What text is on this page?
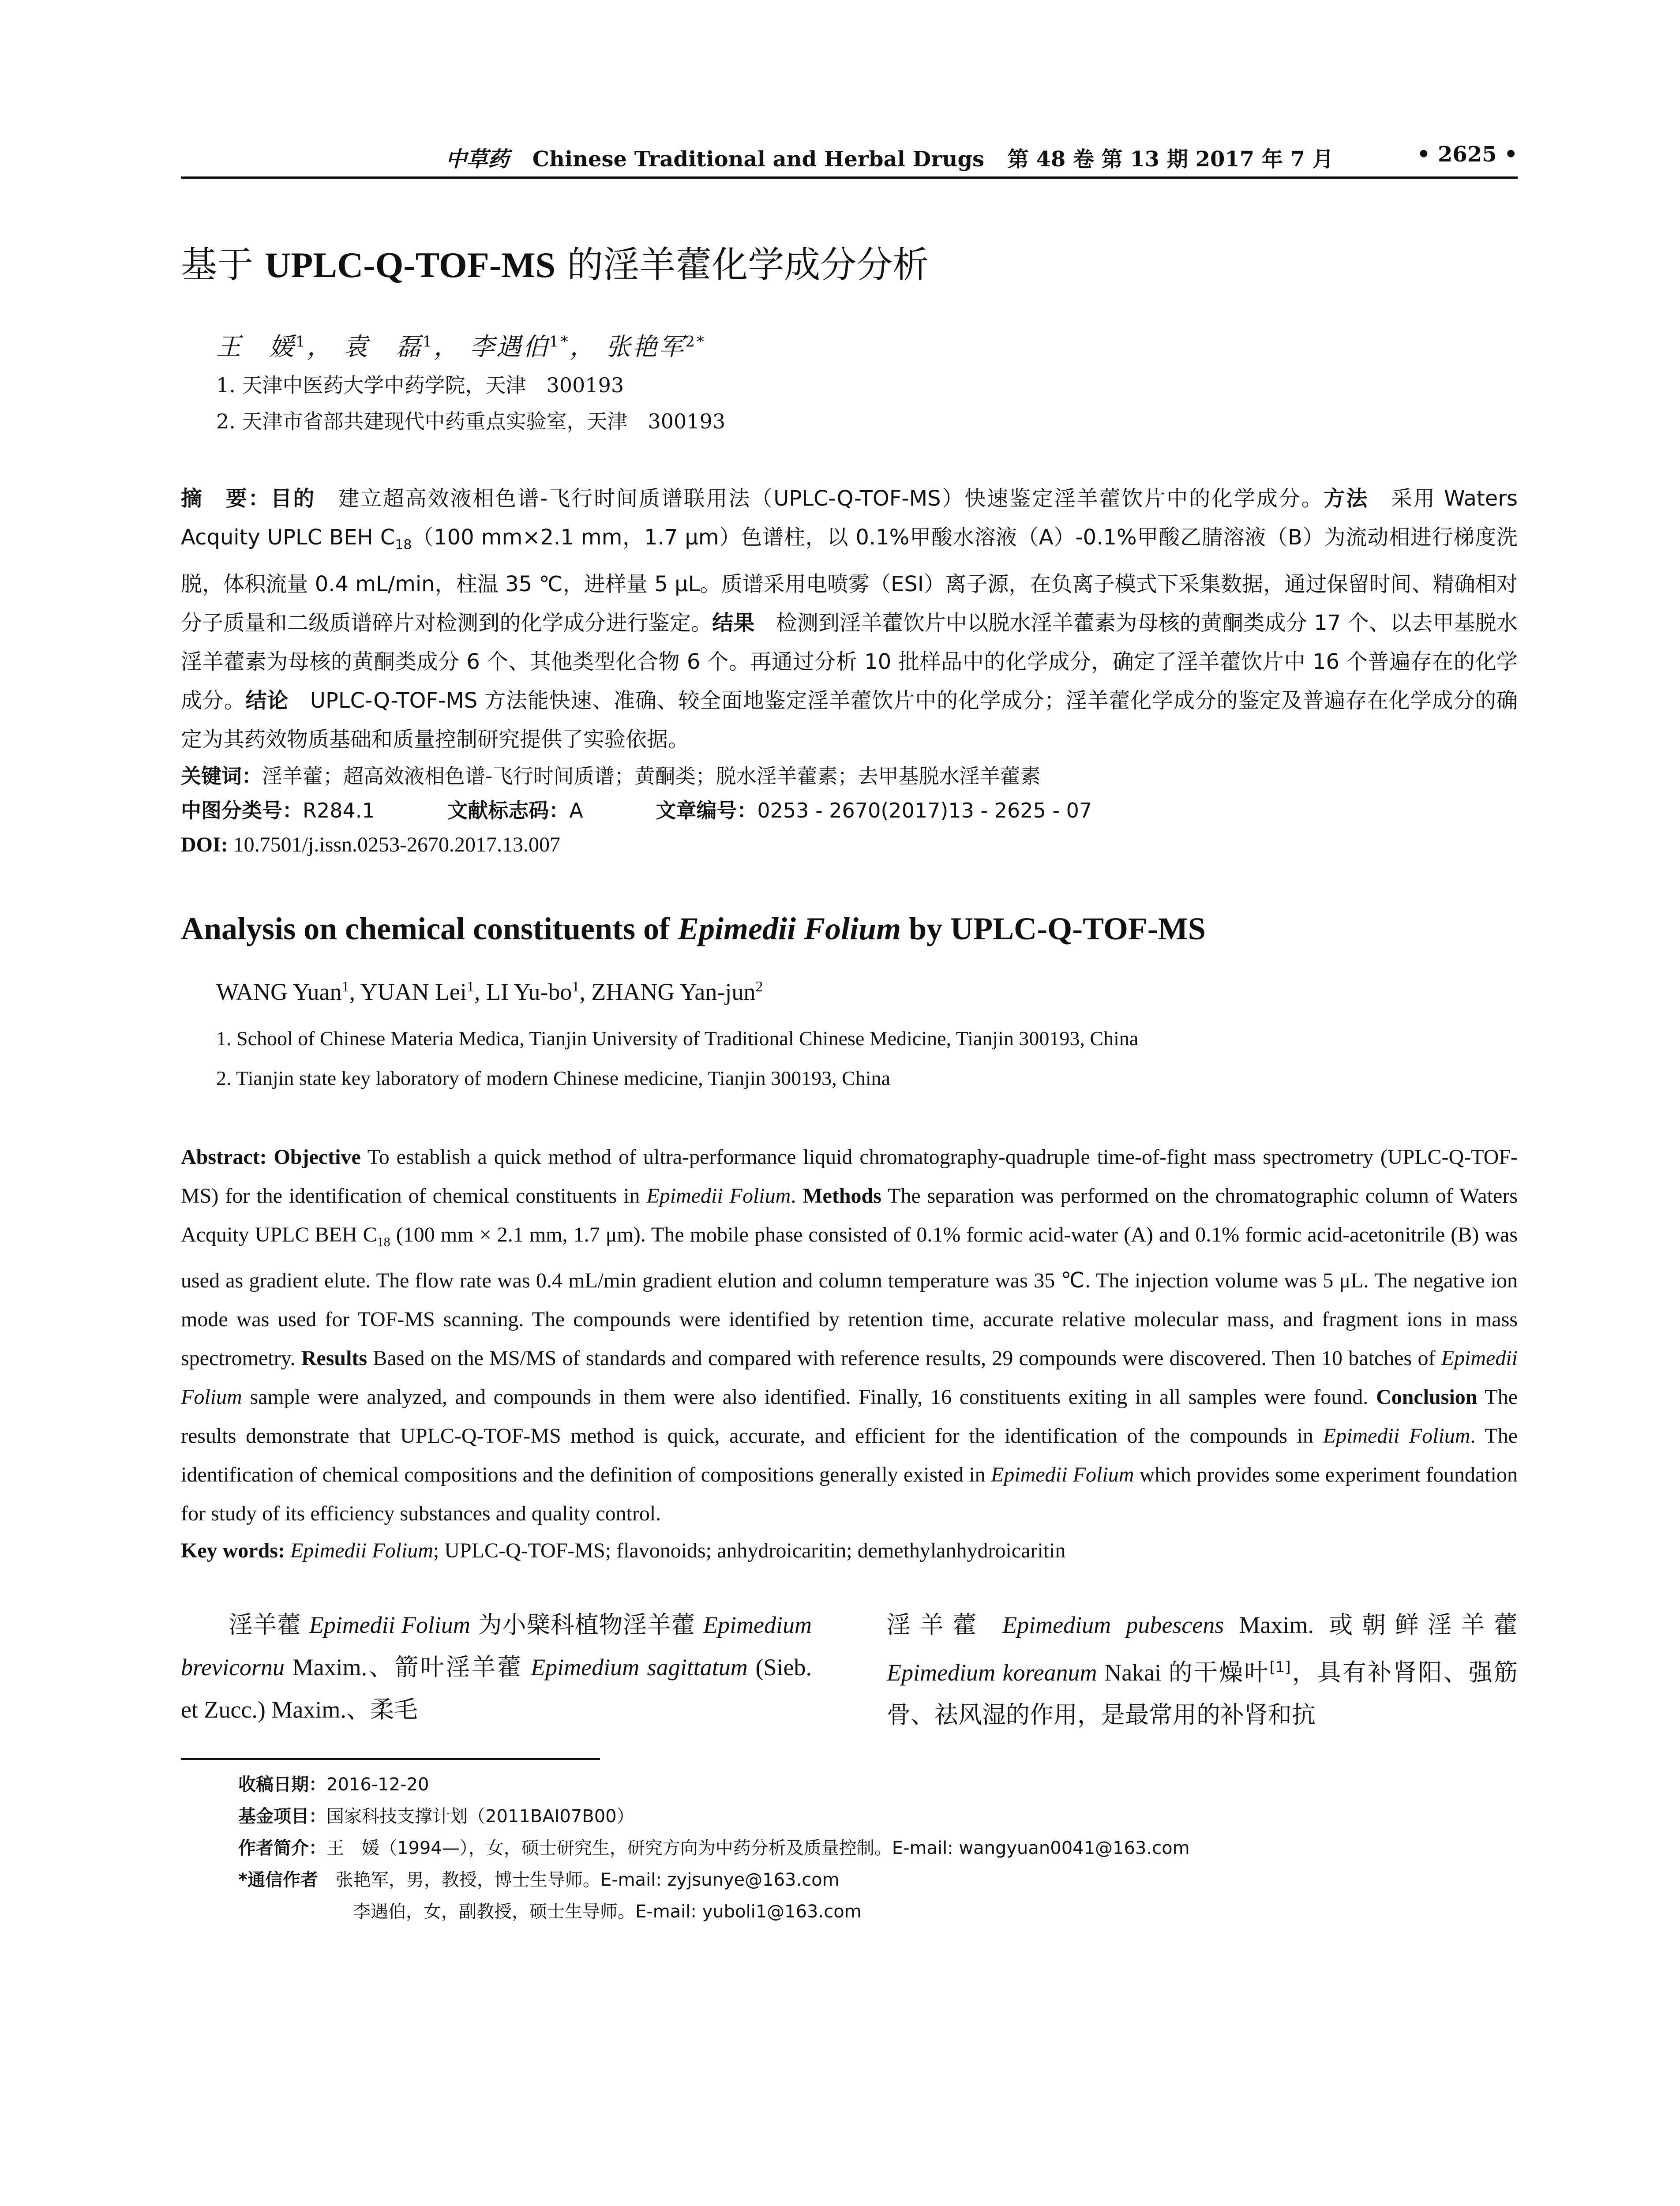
中草药 Chinese Traditional and Herbal Drugs 第 48 卷 第 13 期 2017 年 7 月	• 2625 •
基于 UPLC-Q-TOF-MS 的淫羊藿化学成分分析
王　媛$^1$， 袁　磊$^1$， 李遇伯$^{1*}$， 张艳军$^{2*}$
1. 天津中医药大学中药学院，天津　300193
2. 天津市省部共建现代中药重点实验室，天津　300193
摘　要：目的　建立超高效液相色谱-飞行时间质谱联用法（UPLC-Q-TOF-MS）快速鉴定淫羊藿饮片中的化学成分。方法　采用 Waters Acquity UPLC BEH $C_{18}(100$ mm×2.1 mm，1.7 μm）色谱柱，以 0.1%甲酸水溶液（A）-0.1%甲酸乙腈溶液（B）为流动相进行梯度洗脱，体积流量 0.4 mL/min，柱温 35 ℃，进样量 5 μL。质谱采用电喷雾（ESI）离子源，在负离子模式下采集数据，通过保留时间、精确相对分子质量和二级质谱碎片对检测到的化学成分进行鉴定。结果　检测到淫羊藿饮片中以脱水淫羊藿素为母核的黄酮类成分 17 个、以去甲基脱水淫羊藿素为母核的黄酮类成分 6 个、其他类型化合物 6 个。再通过分析 10 批样品中的化学成分，确定了淫羊藿饮片中 16 个普遍存在的化学成分。结论　UPLC-Q-TOF-MS 方法能快速、准确、较全面地鉴定淫羊藿饮片中的化学成分；淫羊藿化学成分的鉴定及普遍存在化学成分的确定为其药效物质基础和质量控制研究提供了实验依据。
关键词：淫羊藿；超高效液相色谱-飞行时间质谱；黄酮类；脱水淫羊藿素；去甲基脱水淫羊藿素
中图分类号：R284.1	文献标志码：A	文章编号：0253 - 2670(2017)13 - 2625 - 07
DOI: 10.7501/j.issn.0253-2670.2017.13.007
Analysis on chemical constituents of Epimedii Folium by UPLC-Q-TOF-MS
WANG Yuan$^1$, YUAN Lei$^1$, LI $Yu-bo^1$, ZHANG Yan-jun$^2$
1. School of Chinese Materia Medica, Tianjin University of Traditional Chinese Medicine, Tianjin 300193, China
2. Tianjin state key laboratory of modern Chinese medicine, Tianjin 300193, China
Abstract: Objective To establish a quick method of ultra-performance liquid chromatography-quadruple time-of-fight mass spectrometry (UPLC-Q-TOF-MS) for the identification of chemical constituents in Epimedii Folium. Methods The separation was performed on the chromatographic column of Waters Acquity UPLC BEH $C_{18}$ (100 mm × 2.1 mm, 1.7 μm). The mobile phase consisted of 0.1% formic acid-water (A) and 0.1% formic acid-acetonitrile (B) was used as gradient elute. The flow rate was 0.4 mL/min gradient elution and column temperature was 35 ℃. The injection volume was 5 μL. The negative ion mode was used for TOF-MS scanning. The compounds were identified by retention time, accurate relative molecular mass, and fragment ions in mass spectrometry. Results Based on the MS/MS of standards and compared with reference results, 29 compounds were discovered. Then 10 batches of Epimedii Folium sample were analyzed, and compounds in them were also identified. Finally, 16 constituents exiting in all samples were found. Conclusion The results demonstrate that UPLC-Q-TOF-MS method is quick, accurate, and efficient for the identification of the compounds in Epimedii Folium. The identification of chemical compositions and the definition of compositions generally existed in Epimedii Folium which provides some experiment foundation for study of its efficiency substances and quality control.
Key words: Epimedii Folium; UPLC-Q-TOF-MS; flavonoids; anhydroicaritin; demethylanhydroicaritin
  淫羊藿 Epimedii Folium 为小檗科植物淫羊藿 Epimedium brevicornu Maxim.、箭叶淫羊藿 Epimedium sagittatum (Sieb. et Zucc.) Maxim.、柔毛
淫羊藿 Epimedium pubescens Maxim. 或朝鲜淫羊藿 Epimedium koreanum Nakai 的干燥叶[1]，具有补肾阳、强筋骨、祛风湿的作用，是最常用的补肾和抗
收稿日期：2016-12-20
基金项目：国家科技支撑计划（2011BAI07B00）
作者简介：王　媛（1994—），女，硕士研究生，研究方向为中药分析及质量控制。E-mail: wangyuan0041@163.com
*通信作者　张艳军，男，教授，博士生导师。E-mail: zyjsunye@163.com
李遇伯，女，副教授，硕士生导师。E-mail: yuboli1@163.com
